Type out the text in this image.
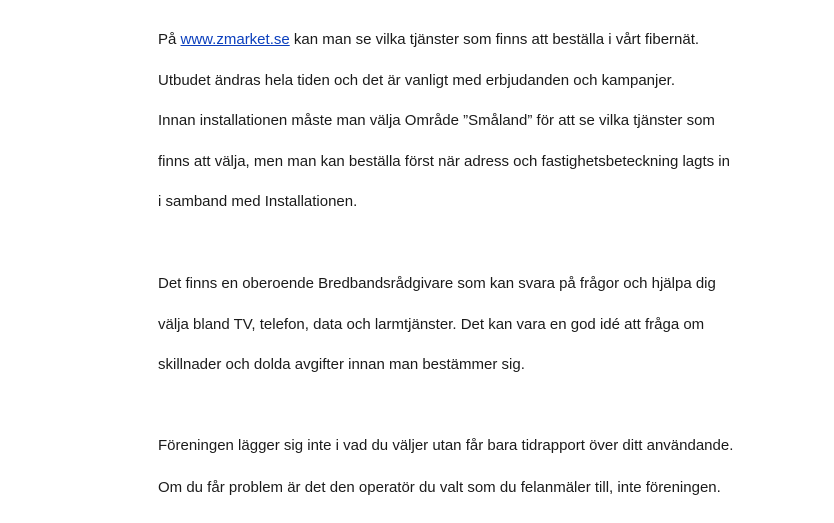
På www.zmarket.se kan man se vilka tjänster som finns att beställa i vårt fibernät.
Utbudet ändras hela tiden och det är vanligt med erbjudanden och kampanjer.
Innan installationen måste man välja Område ”Småland” för att se vilka tjänster som
finns att välja, men man kan beställa först när adress och fastighetsbeteckning lagts in
i samband med Installationen.
Det finns en oberoende Bredbandsrådgivare som kan svara på frågor och hjälpa dig
välja bland TV, telefon, data och larmtjänster. Det kan vara en god idé att fråga om
skillnader och dolda avgifter innan man bestämmer sig.
Föreningen lägger sig inte i vad du väljer utan får bara tidrapport över ditt användande.
Om du får problem är det den operatör du valt som du felanmäler till, inte föreningen.
